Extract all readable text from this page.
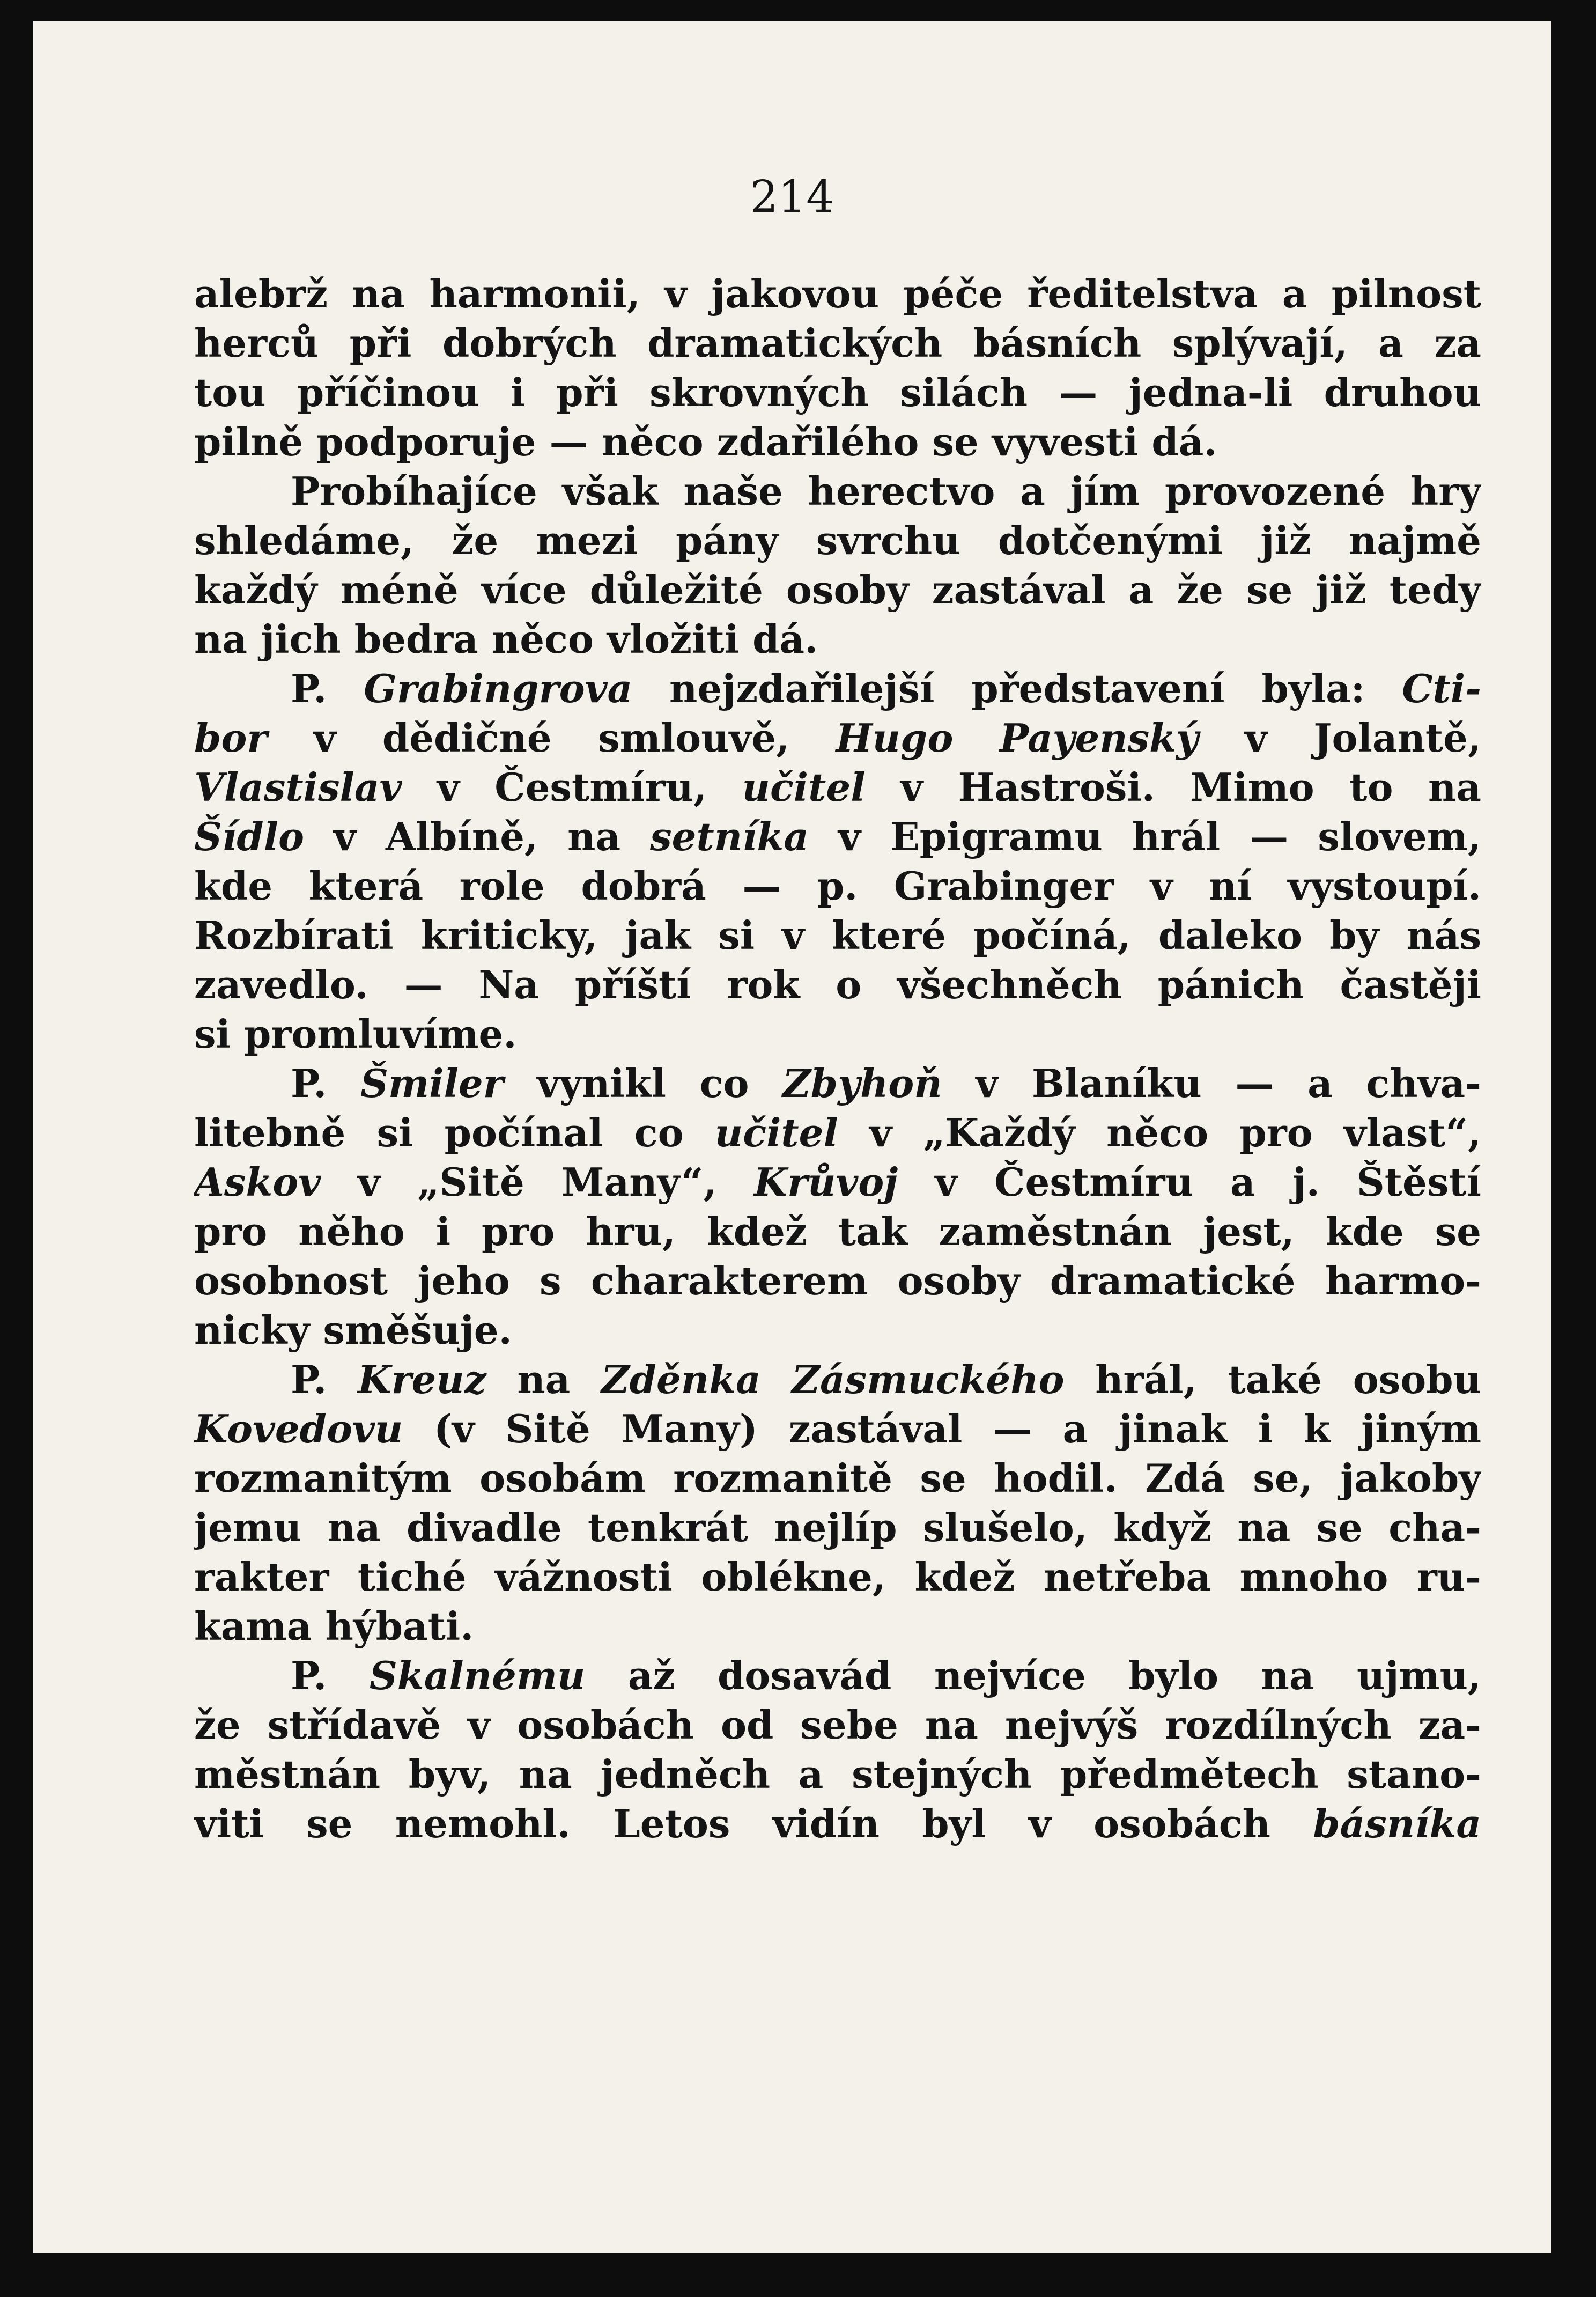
214
alebrž na harmonii, v jakovou péče ředitelstva a pilnost
herců při dobrých dramatických básních splývají, a za
tou příčinou i při skrovných silách — jedna-li druhou
pilně podporuje — něco zdařilého se vyvesti dá.
Probíhajíce však naše herectvo a jím provozené hry
shledáme, že mezi pány svrchu dotčenými již najmě
každý méně více důležité osoby zastával a že se již tedy
na jich bedra něco vložiti dá.
P. Grabingrova nejzdařilejší představení byla: Cti-
bor v dědičné smlouvě, Hugo Payenský v Jolantě,
Vlastislav v Čestmíru, učitel v Hastroši. Mimo to na
Šídlo v Albíně, na setníka v Epigramu hrál — slovem,
kde která role dobrá — p. Grabinger v ní vystoupí.
Rozbírati kriticky, jak si v které počíná, daleko by nás
zavedlo. — Na příští rok o všechněch pánich častěji
si promluvíme.
P. Šmiler vynikl co Zbyhoň v Blaníku — a chva-
litebně si počínal co učitel v „Každý něco pro vlast“,
Askov v „Sitě Many“, Krůvoj v Čestmíru a j. Štěstí
pro něho i pro hru, kdež tak zaměstnán jest, kde se
osobnost jeho s charakterem osoby dramatické harmo-
nicky směšuje.
P. Kreuz na Zděnka Zásmuckého hrál, také osobu
Kovedovu (v Sitě Many) zastával — a jinak i k jiným
rozmanitým osobám rozmanitě se hodil. Zdá se, jakoby
jemu na divadle tenkrát nejlíp slušelo, když na se cha-
rakter tiché vážnosti oblékne, kdež netřeba mnoho ru-
kama hýbati.
P. Skalnému až dosavád nejvíce bylo na ujmu,
že střídavě v osobách od sebe na nejvýš rozdílných za-
městnán byv, na jedněch a stejných předmětech stano-
viti se nemohl. Letos vidín byl v osobách básníka
